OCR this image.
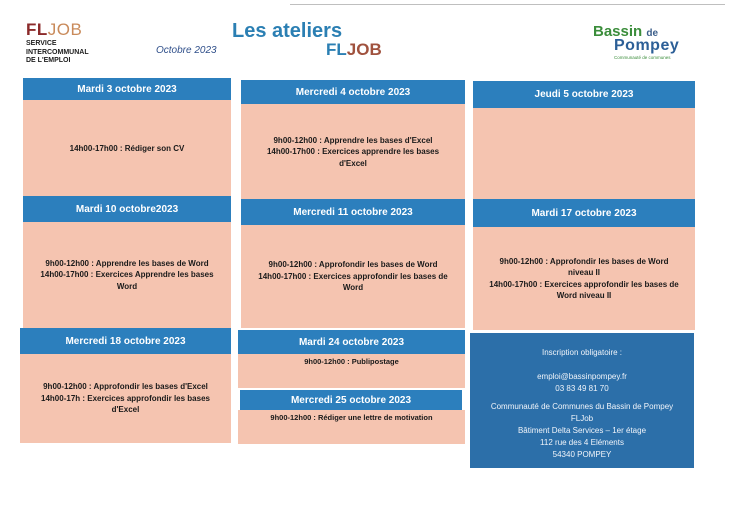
FLJOB
SERVICE
INTERCOMMUNAL
DE L'EMPLOI
Octobre 2023
Les ateliers
FLJOB
Bassin de
Pompey
Communauté de communes
Mardi 3 octobre 2023
14h00-17h00 : Rédiger son CV
Mercredi 4 octobre 2023
9h00-12h00 : Apprendre les bases d'Excel
14h00-17h00 : Exercices apprendre les bases
d'Excel
Jeudi 5 octobre 2023
Mardi 10 octobre2023
9h00-12h00 : Apprendre les bases de Word
14h00-17h00 : Exercices Apprendre les bases
Word
Mercredi 11 octobre 2023
9h00-12h00 : Approfondir les bases de Word
14h00-17h00 : Exercices approfondir les bases de
Word
Mardi 17 octobre 2023
9h00-12h00 : Approfondir les bases de Word
niveau II
14h00-17h00 : Exercices approfondir les bases de
Word niveau II
Mercredi 18 octobre 2023
9h00-12h00 : Approfondir les bases d'Excel
14h00-17h : Exercices approfondir les bases
d'Excel
Mardi 24 octobre 2023
9h00-12h00 : Publipostage
Mercredi 25 octobre 2023
9h00-12h00 : Rédiger une lettre de motivation
Inscription obligatoire :
emploi@bassinpompey.fr
03 83 49 81 70
Communauté de Communes du Bassin de Pompey
FLJob
Bâtiment Delta Services – 1er étage
112 rue des 4 Eléments
54340 POMPEY
